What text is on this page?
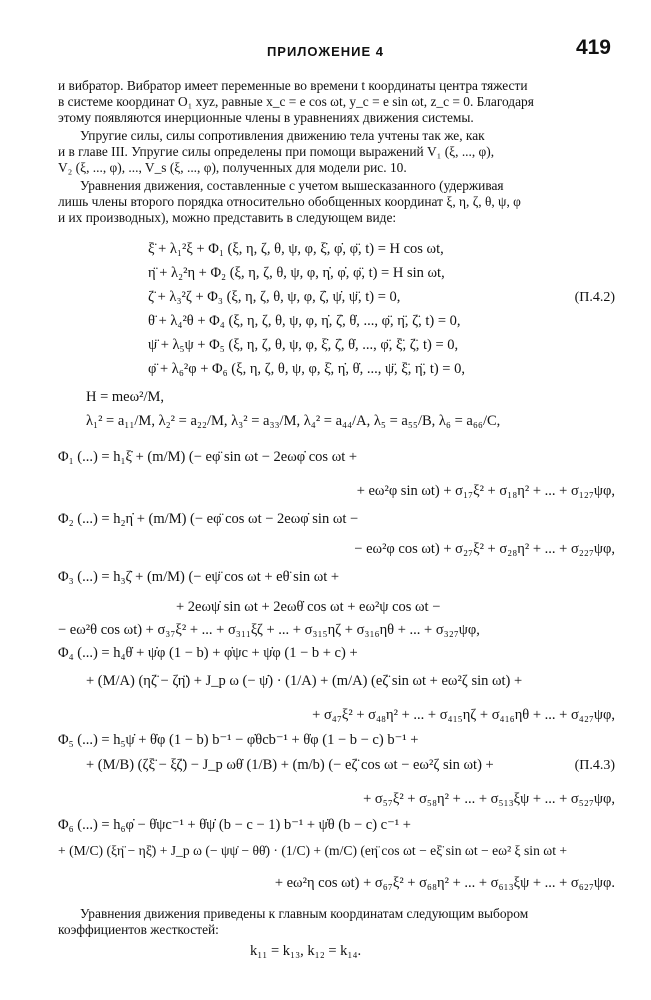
ПРИЛОЖЕНИЕ 4	419

и вибратор. Вибратор имеет переменные во времени t координаты центра тяжести
в системе координат O₁ xyz, равные x_c = e cos ωt, y_c = e sin ωt, z_c = 0. Благодаря
этому появляются инерционные члены в уравнениях движения системы.

Упругие силы, силы сопротивления движению тела учтены так же, как
и в главе III. Упругие силы определены при помощи выражений V₁ (ξ, ..., φ),
V₂ (ξ, ..., φ), ..., V_s (ξ, ..., φ), полученных для модели рис. 10.

Уравнения движения, составленные с учетом вышесказанного (удерживая
лишь члены второго порядка относительно обобщенных координат ξ, η, ζ, θ, ψ, φ
и их производных), можно представить в следующем виде:

ξ̈ + λ₁²ξ + Φ₁ (ξ, η, ζ, θ, ψ, φ, ξ̇, φ̇, φ̈, t) = H cos ωt,
η̈ + λ₂²η + Φ₂ (ξ, η, ζ, θ, ψ, φ, η̇, φ̇, φ̈, t) = H sin ωt,
ζ̈ + λ₃²ζ + Φ₃ (ξ, η, ζ, θ, ψ, φ, ζ̇, ψ̇, ψ̈, t) = 0,
θ̈ + λ₄²θ + Φ₄ (ξ, η, ζ, θ, ψ, φ, η̇, ζ̇, θ̇, ..., φ̈, η̈, ζ̈, t) = 0,
ψ̈ + λ₅ψ + Φ₅ (ξ, η, ζ, θ, ψ, φ, ξ̇, ζ̇, θ̇, ..., φ̈, ξ̈, ζ̈, t) = 0,
φ̈ + λ₆²φ + Φ₆ (ξ, η, ζ, θ, ψ, φ, ξ̇, η̇, θ̇, ..., ψ̈, ξ̈, η̈, t) = 0,
(П.4.2)
H = meω²/M,
λ₁² = a₁₁/M, λ₂² = a₂₂/M, λ₃² = a₃₃/M, λ₄² = a₄₄/A, λ₅ = a₅₅/B, λ₆ = a₆₆/C,
Φ₁ (...) = h₁ξ̇ + (m/M) (− eφ̈ sin ωt − 2eωφ̇ cos ωt +
+ eω²φ sin ωt) + σ₁₇ξ² + σ₁₈η² + ... + σ₁₂₇ψφ,
Φ₂ (...) = h₂η̇ + (m/M) (− eφ̈ cos ωt − 2eωφ̇ sin ωt −
− eω²φ cos ωt) + σ₂₇ξ² + σ₂₈η² + ... + σ₂₂₇ψφ,
Φ₃ (...) = h₃ζ̇ + (m/M) (− eψ̈ cos ωt + eθ̈ sin ωt +
+ 2eωψ̇ sin ωt + 2eωθ̇ cos ωt + eω²ψ cos ωt −
− eω²θ cos ωt) + σ₃₇ξ² + ... + σ₃₁₁ξζ + ... + σ₃₁₅ηζ + σ₃₁₆ηθ + ... + σ₃₂₇ψφ,
Φ₄ (...) = h₄θ̇ + ψ̇φ (1 − b) + φ̇ψc + ψ̇φ (1 − b + c) +
+ (M/A) (ηζ̈ − ζη̈) + J_p ω (− ψ̇) · (1/A) + (m/A) (eζ̈ sin ωt + eω²ζ sin ωt) +
+ σ₄₇ξ² + σ₄₈η² + ... + σ₄₁₅ηζ + σ₄₁₆ηθ + ... + σ₄₂₇ψφ,
Φ₅ (...) = h₅ψ̇ + θ̇φ (1 − b) b⁻¹ − φ̇θcb⁻¹ + θ̇φ (1 − b − c) b⁻¹ +
+ (M/B) (ζξ̈ − ξζ̈) − J_p ωθ̇ (1/B) + (m/b) (− eζ̈ cos ωt − eω²ζ sin ωt) +	(П.4.3)
+ σ₅₇ξ² + σ₅₈η² + ... + σ₅₁₃ξψ + ... + σ₅₂₇ψφ,
Φ₆ (...) = h₆φ̇ − θ̇ψc⁻¹ + θ̇ψ̇ (b − c − 1) b⁻¹ + ψ̇θ (b − c) c⁻¹ +
+ (M/C) (ξη̈ − ηξ̈) + J_p ω (− ψψ̇ − θθ̇) · (1/C) + (m/C) (eη̈ cos ωt − eξ̈ sin ωt − eω² ξ sin ωt +
+ eω²η cos ωt) + σ₆₇ξ² + σ₆₈η² + ... + σ₆₁₃ξψ + ... + σ₆₂₇ψφ.

Уравнения движения приведены к главным координатам следующим выбором
коэффициентов жесткостей:

k₁₁ = k₁₃, k₁₂ = k₁₄.
